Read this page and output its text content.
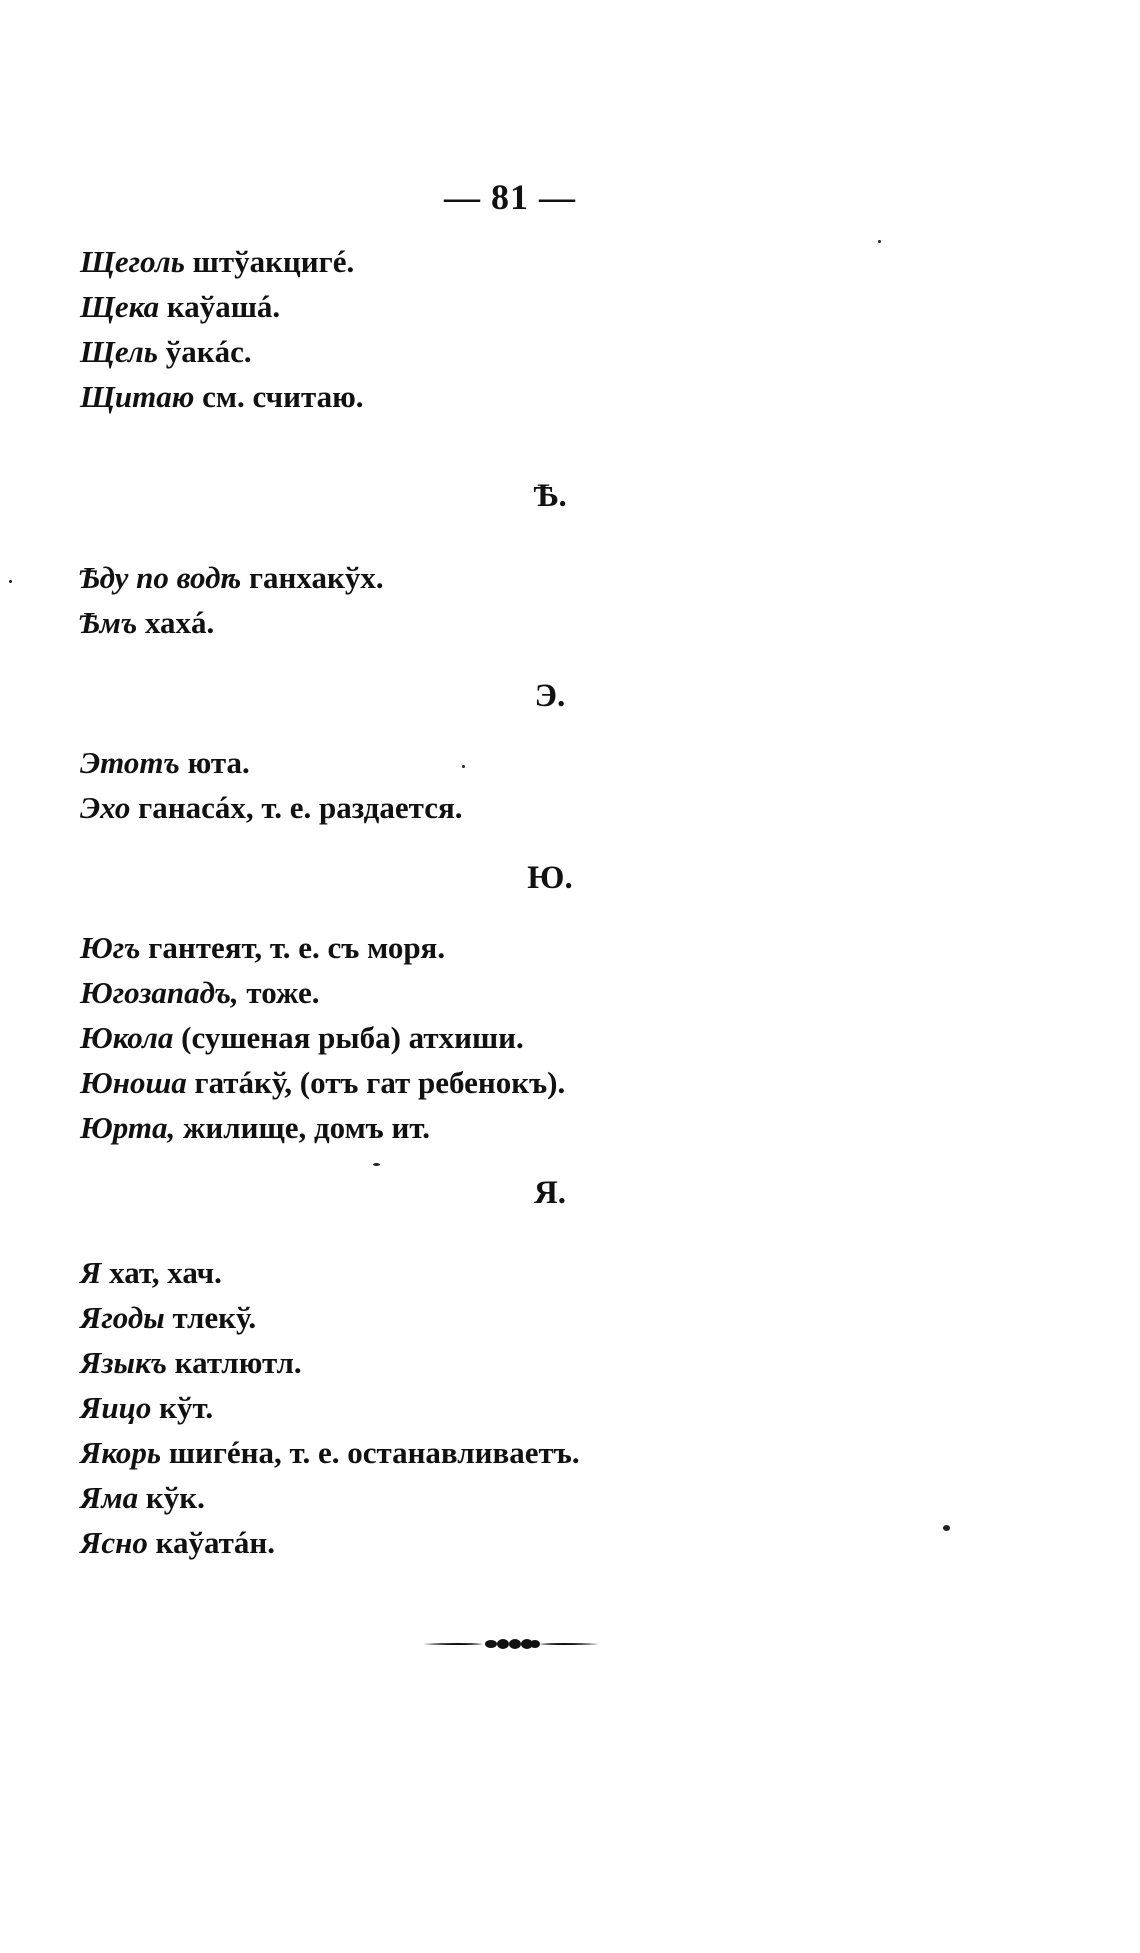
— 81 —
Щеголь штўакцигé.
Щека каўашá.
Щель ўакáс.
Щитаю см. считаю.
Ѣ.
Ѣду по водѣ ганхакўх.
Ѣмъ хахá.
Э.
Этотъ юта.
Эхо ганасáх, т. е. раздается.
Ю.
Югъ гантеят, т. е. съ моря.
Югозападъ, тоже.
Юкола (сушеная рыба) атхиши.
Юноша гатáкў, (отъ гат ребенокъ).
Юрта, жилище, домъ ит.
Я.
Я хат, хач.
Ягоды тлекў.
Языкъ катлютл.
Яицо кўт.
Якорь шигéна, т. е. останавливаетъ.
Яма кўк.
Ясно каўатáн.
